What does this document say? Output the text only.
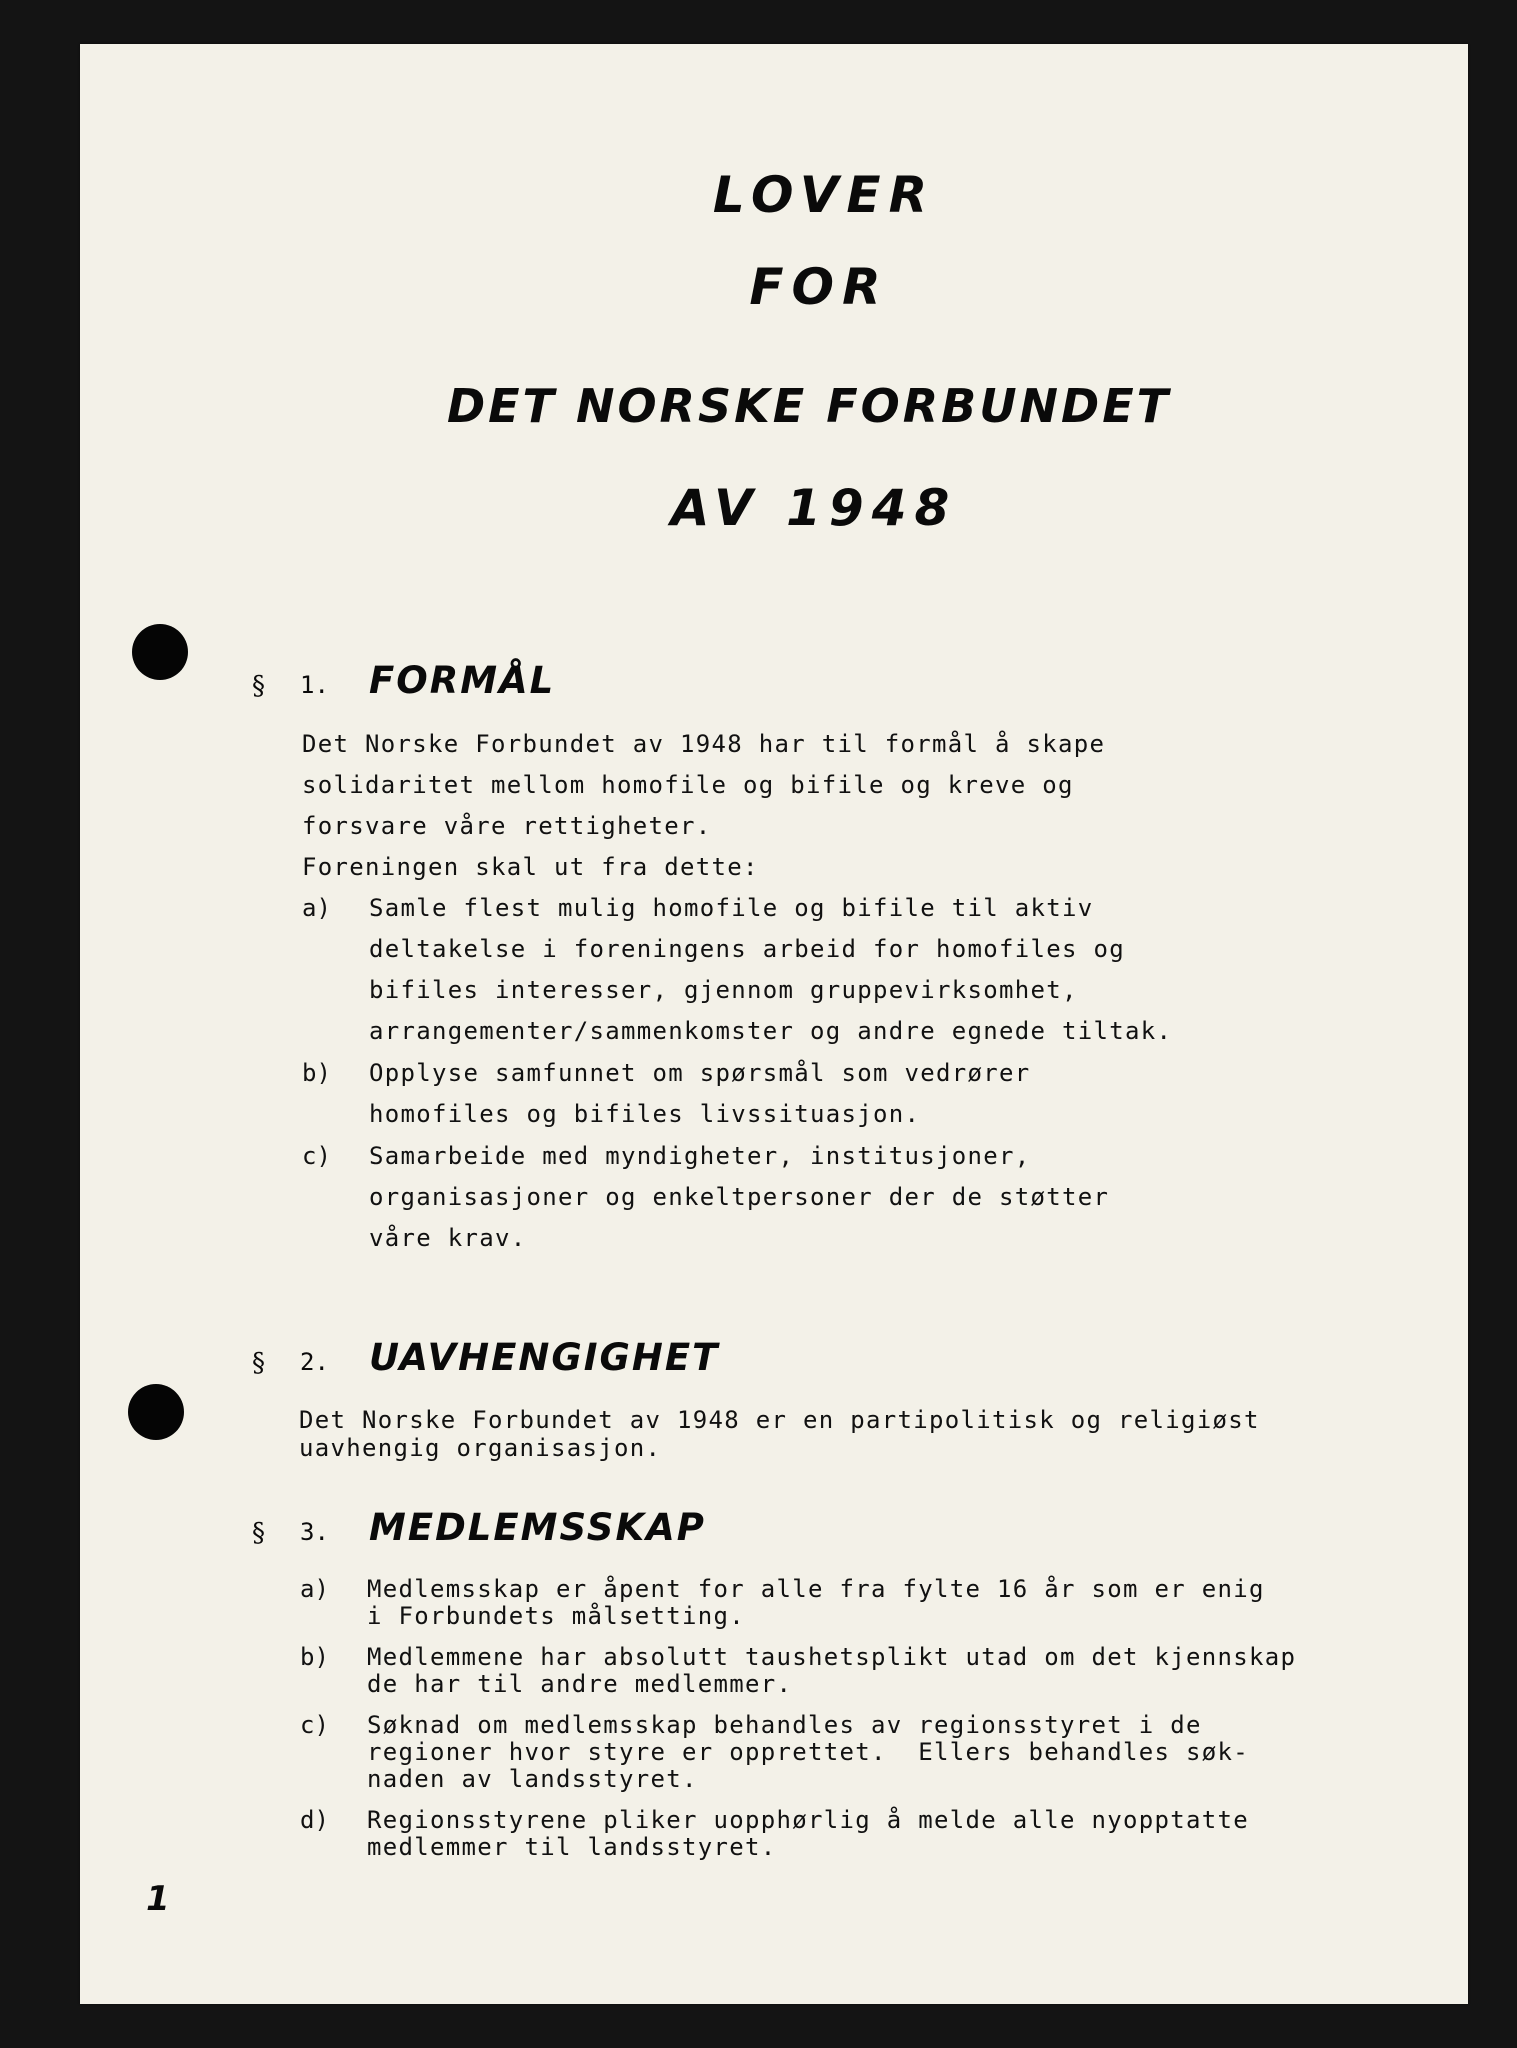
LOVER
FOR
DET NORSKE FORBUNDET
AV 1948
§ 1. FORMÅL
Det Norske Forbundet av 1948 har til formål å skape
solidaritet mellom homofile og bifile og kreve og
forsvare våre rettigheter.
Foreningen skal ut fra dette:
a) Samle flest mulig homofile og bifile til aktiv
deltakelse i foreningens arbeid for homofiles og
bifiles interesser, gjennom gruppevirksomhet,
arrangementer/sammenkomster og andre egnede tiltak.
b) Opplyse samfunnet om spørsmål som vedrører
homofiles og bifiles livssituasjon.
c) Samarbeide med myndigheter, institusjoner,
organisasjoner og enkeltpersoner der de støtter
våre krav.
§ 2. UAVHENGIGHET
Det Norske Forbundet av 1948 er en partipolitisk og religiøst
uavhengig organisasjon.
§ 3. MEDLEMSSKAP
a) Medlemsskap er åpent for alle fra fylte 16 år som er enig
i Forbundets målsetting.
b) Medlemmene har absolutt taushetsplikt utad om det kjennskap
de har til andre medlemmer.
c) Søknad om medlemsskap behandles av regionsstyret i de
regioner hvor styre er opprettet.  Ellers behandles søk-
naden av landsstyret.
d) Regionsstyrene pliker uopphørlig å melde alle nyopptatte
medlemmer til landsstyret.
1
